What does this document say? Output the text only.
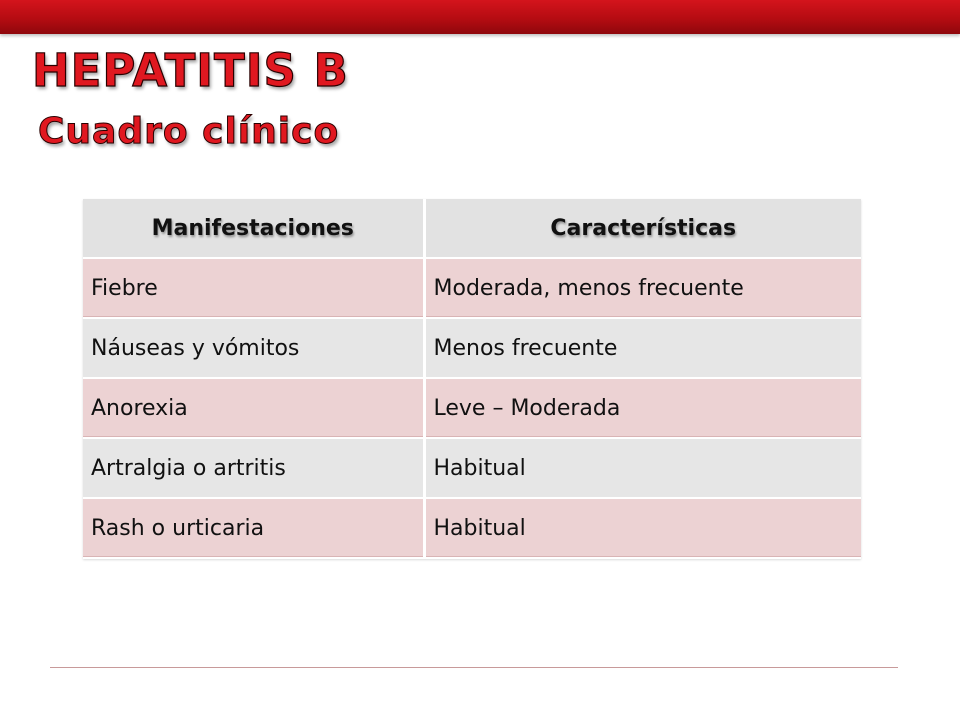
HEPATITIS B
Cuadro clínico
Manifestaciones	Características
Fiebre	Moderada, menos frecuente
Náuseas y vómitos	Menos frecuente
Anorexia	Leve – Moderada
Artralgia o artritis	Habitual
Rash o urticaria	Habitual
